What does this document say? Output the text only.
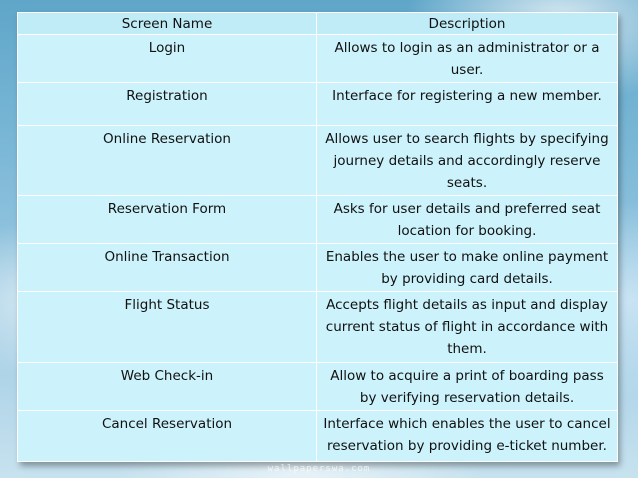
Screen Name	Description
Login	Allows to login as an administrator or a user.
Registration	Interface for registering a new member.
Online Reservation	Allows user to search flights by specifying journey details and accordingly reserve seats.
Reservation Form	Asks for user details and preferred seat location for booking.
Online Transaction	Enables the user to make online payment by providing card details.
Flight Status	Accepts flight details as input and display current status of flight in accordance with them.
Web Check-in	Allow to acquire a print of boarding pass by verifying reservation details.
Cancel Reservation	Interface which enables the user to cancel reservation by providing e-ticket number.
wallpaperswa.com
